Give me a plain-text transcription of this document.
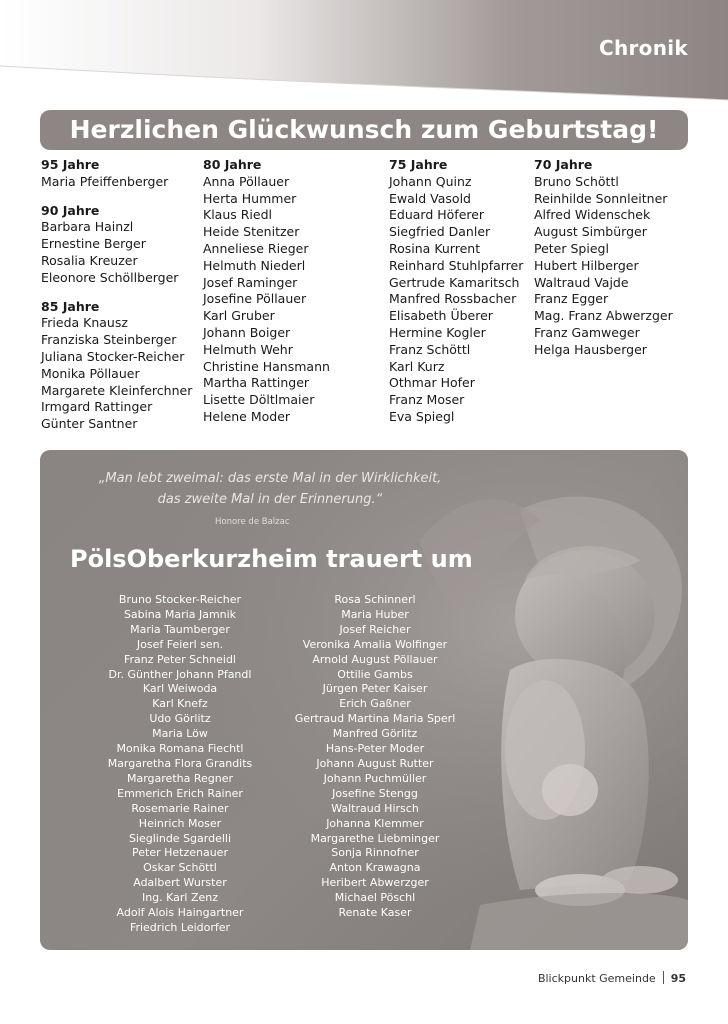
Chronik
Herzlichen Glückwunsch zum Geburtstag!
95 Jahre
Maria Pfeiffenberger
90 Jahre
Barbara Hainzl
Ernestine Berger
Rosalia Kreuzer
Eleonore Schöllberger
85 Jahre
Frieda Knausz
Franziska Steinberger
Juliana Stocker-Reicher
Monika Pöllauer
Margarete Kleinferchner
Irmgard Rattinger
Günter Santner
80 Jahre
Anna Pöllauer
Herta Hummer
Klaus Riedl
Heide Stenitzer
Anneliese Rieger
Helmuth Niederl
Josef Raminger
Josefine Pöllauer
Karl Gruber
Johann Boiger
Helmuth Wehr
Christine Hansmann
Martha Rattinger
Lisette Döltlmaier
Helene Moder
75 Jahre
Johann Quinz
Ewald Vasold
Eduard Höferer
Siegfried Danler
Rosina Kurrent
Reinhard Stuhlpfarrer
Gertrude Kamaritsch
Manfred Rossbacher
Elisabeth Überer
Hermine Kogler
Franz Schöttl
Karl Kurz
Othmar Hofer
Franz Moser
Eva Spiegl
70 Jahre
Bruno Schöttl
Reinhilde Sonnleitner
Alfred Widenschek
August Simbürger
Peter Spiegl
Hubert Hilberger
Waltraud Vajde
Franz Egger
Mag. Franz Abwerzger
Franz Gamweger
Helga Hausberger
„Man lebt zweimal: das erste Mal in der Wirklichkeit,
das zweite Mal in der Erinnerung.“
Honore de Balzac
PölsOberkurzheim trauert um
Bruno Stocker-Reicher
Sabina Maria Jamnik
Maria Taumberger
Josef Feierl sen.
Franz Peter Schneidl
Dr. Günther Johann Pfandl
Karl Weiwoda
Karl Knefz
Udo Görlitz
Maria Löw
Monika Romana Fiechtl
Margaretha Flora Grandits
Margaretha Regner
Emmerich Erich Rainer
Rosemarie Rainer
Heinrich Moser
Sieglinde Sgardelli
Peter Hetzenauer
Oskar Schöttl
Adalbert Wurster
Ing. Karl Zenz
Adolf Alois Haingartner
Friedrich Leidorfer
Rosa Schinnerl
Maria Huber
Josef Reicher
Veronika Amalia Wolfinger
Arnold August Pöllauer
Ottilie Gambs
Jürgen Peter Kaiser
Erich Gaßner
Gertraud Martina Maria Sperl
Manfred Görlitz
Hans-Peter Moder
Johann August Rutter
Johann Puchmüller
Josefine Stengg
Waltraud Hirsch
Johanna Klemmer
Margarethe Liebminger
Sonja Rinnofner
Anton Krawagna
Heribert Abwerzger
Michael Pöschl
Renate Kaser
Blickpunkt Gemeinde 95
